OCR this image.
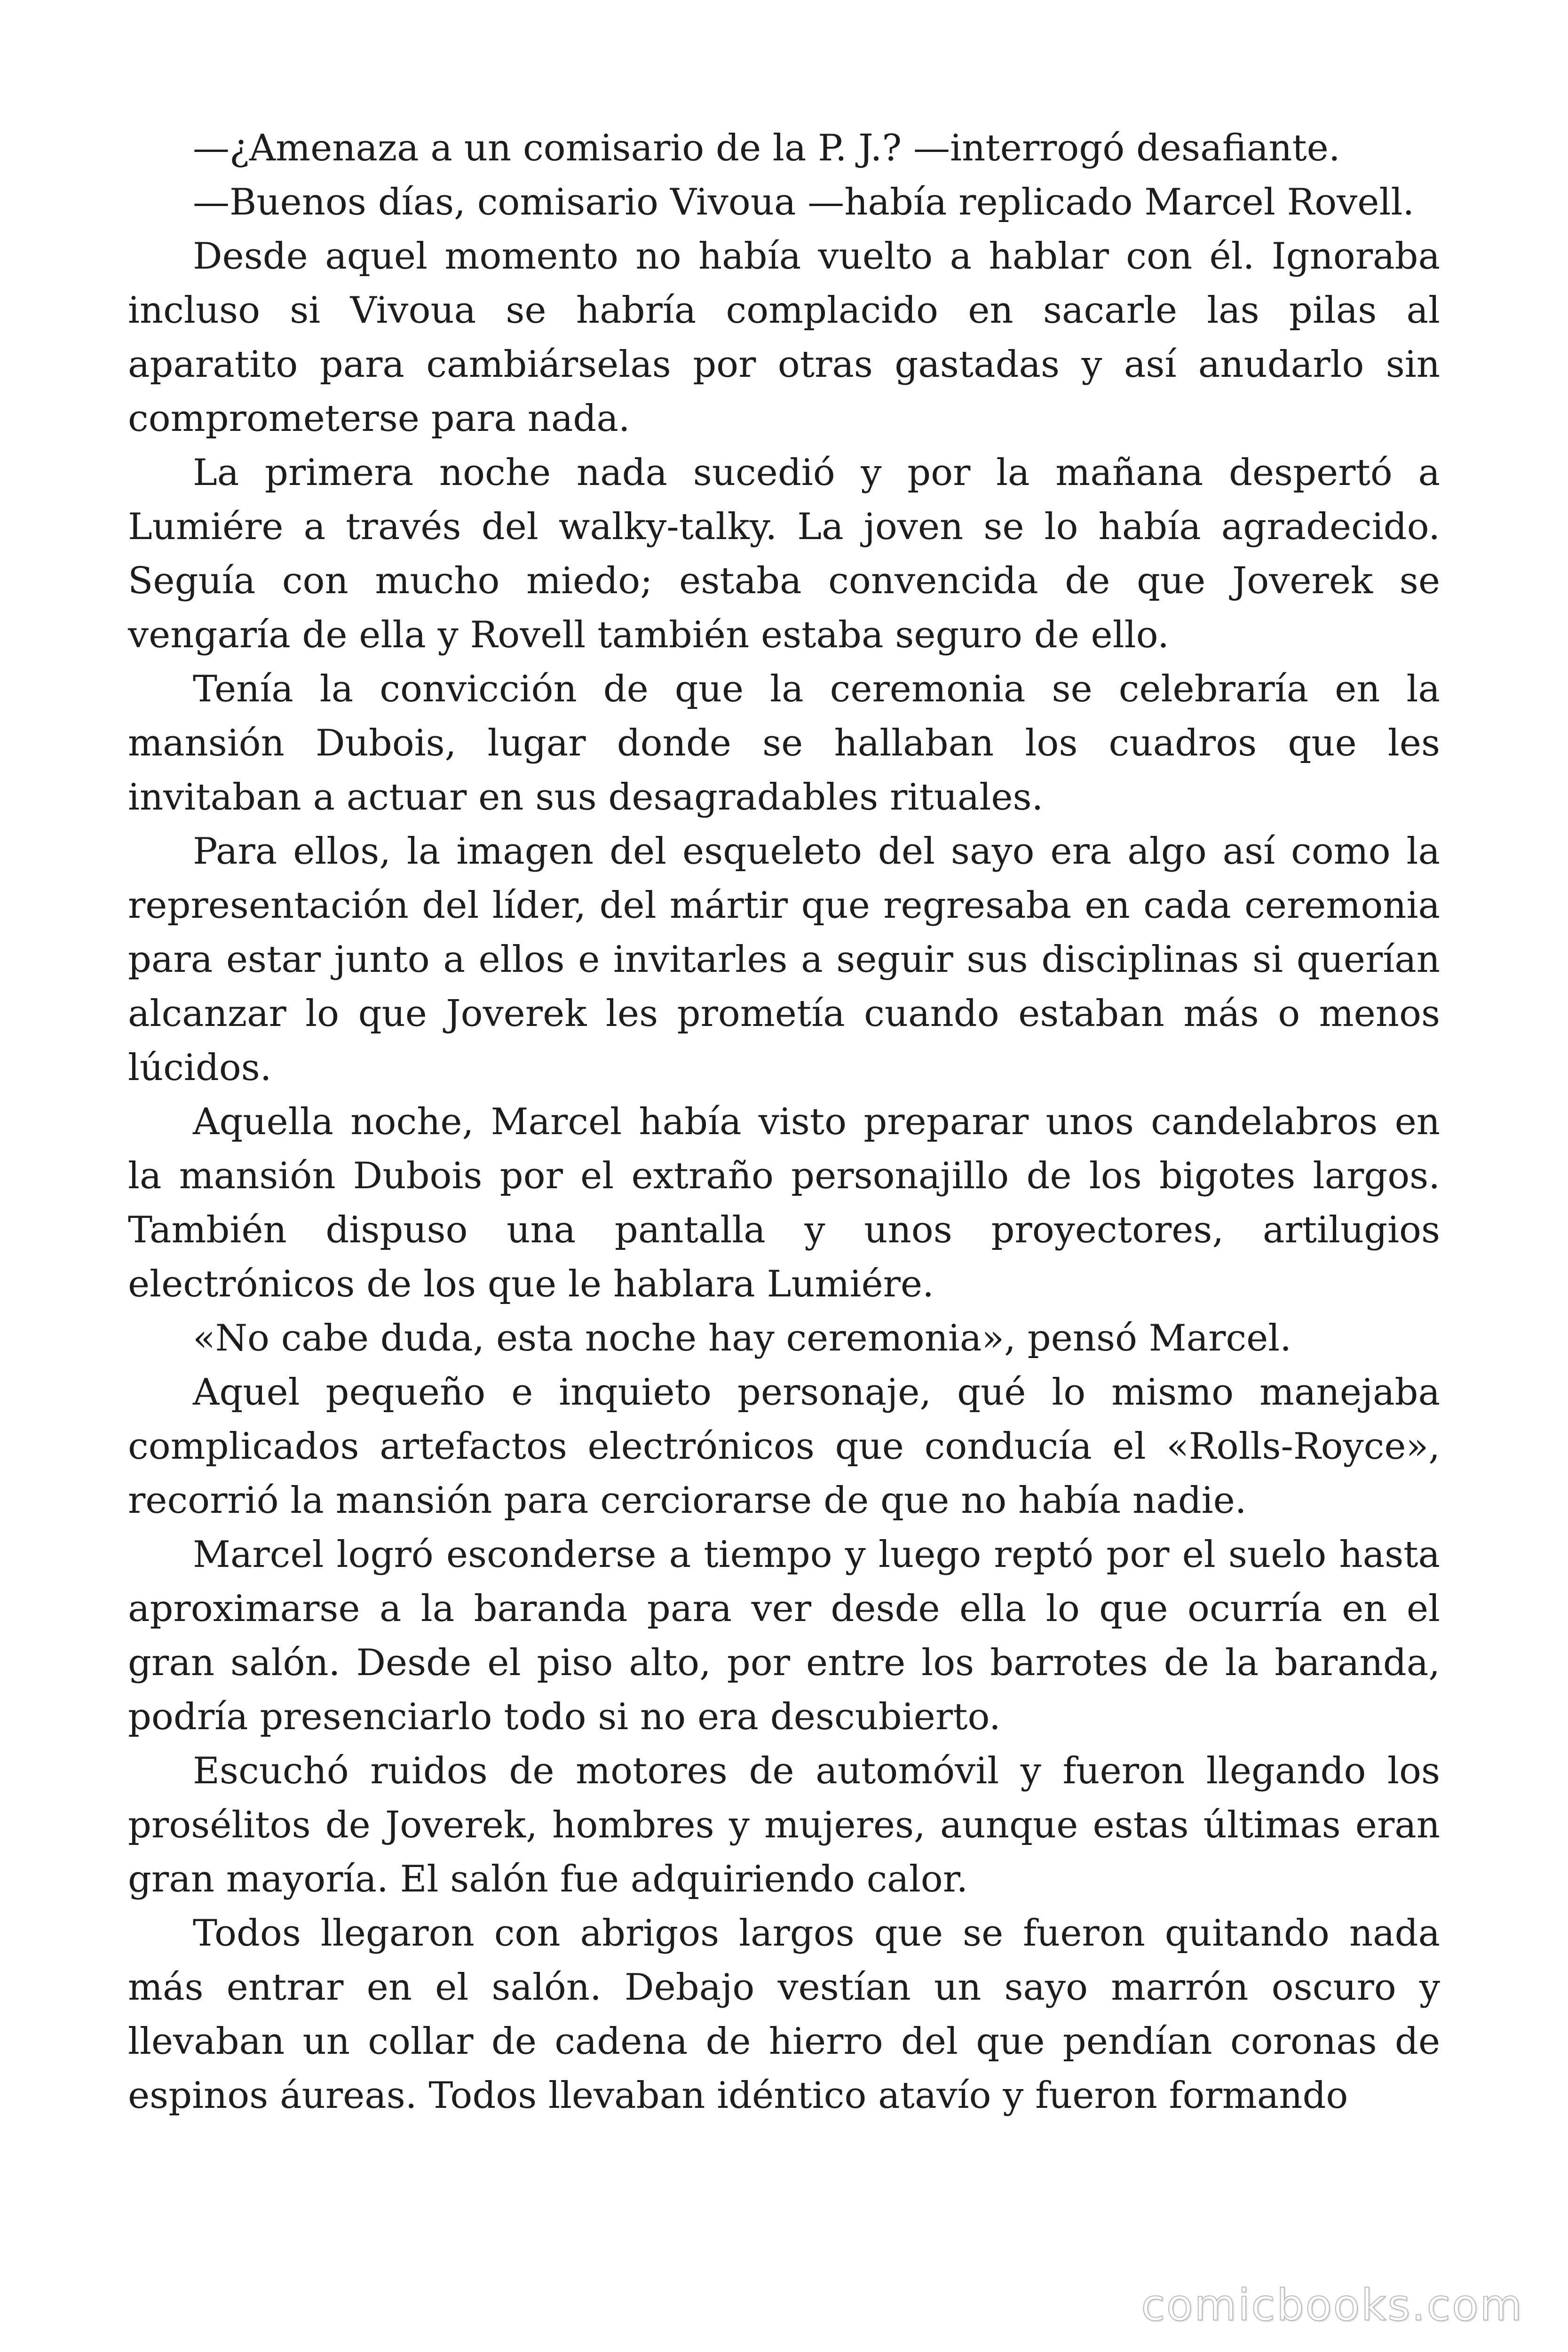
—¿Amenaza a un comisario de la P. J.? —interrogó desafiante.

—Buenos días, comisario Vivoua —había replicado Marcel Rovell.

Desde aquel momento no había vuelto a hablar con él. Ignoraba incluso si Vivoua se habría complacido en sacarle las pilas al aparatito para cambiárselas por otras gastadas y así anudarlo sin comprometerse para nada.

La primera noche nada sucedió y por la mañana despertó a Lumiére a través del walky-talky. La joven se lo había agradecido. Seguía con mucho miedo; estaba convencida de que Joverek se vengaría de ella y Rovell también estaba seguro de ello.

Tenía la convicción de que la ceremonia se celebraría en la mansión Dubois, lugar donde se hallaban los cuadros que les invitaban a actuar en sus desagradables rituales.

Para ellos, la imagen del esqueleto del sayo era algo así como la representación del líder, del mártir que regresaba en cada ceremonia para estar junto a ellos e invitarles a seguir sus disciplinas si querían alcanzar lo que Joverek les prometía cuando estaban más o menos lúcidos.

Aquella noche, Marcel había visto preparar unos candelabros en la mansión Dubois por el extraño personajillo de los bigotes largos. También dispuso una pantalla y unos proyectores, artilugios electrónicos de los que le hablara Lumiére.

«No cabe duda, esta noche hay ceremonia», pensó Marcel.

Aquel pequeño e inquieto personaje, qué lo mismo manejaba complicados artefactos electrónicos que conducía el «Rolls-Royce», recorrió la mansión para cerciorarse de que no había nadie.

Marcel logró esconderse a tiempo y luego reptó por el suelo hasta aproximarse a la baranda para ver desde ella lo que ocurría en el gran salón. Desde el piso alto, por entre los barrotes de la baranda, podría presenciarlo todo si no era descubierto.

Escuchó ruidos de motores de automóvil y fueron llegando los prosélitos de Joverek, hombres y mujeres, aunque estas últimas eran gran mayoría. El salón fue adquiriendo calor.

Todos llegaron con abrigos largos que se fueron quitando nada más entrar en el salón. Debajo vestían un sayo marrón oscuro y llevaban un collar de cadena de hierro del que pendían coronas de espinos áureas. Todos llevaban idéntico atavío y fueron formando

comicbooks.com
